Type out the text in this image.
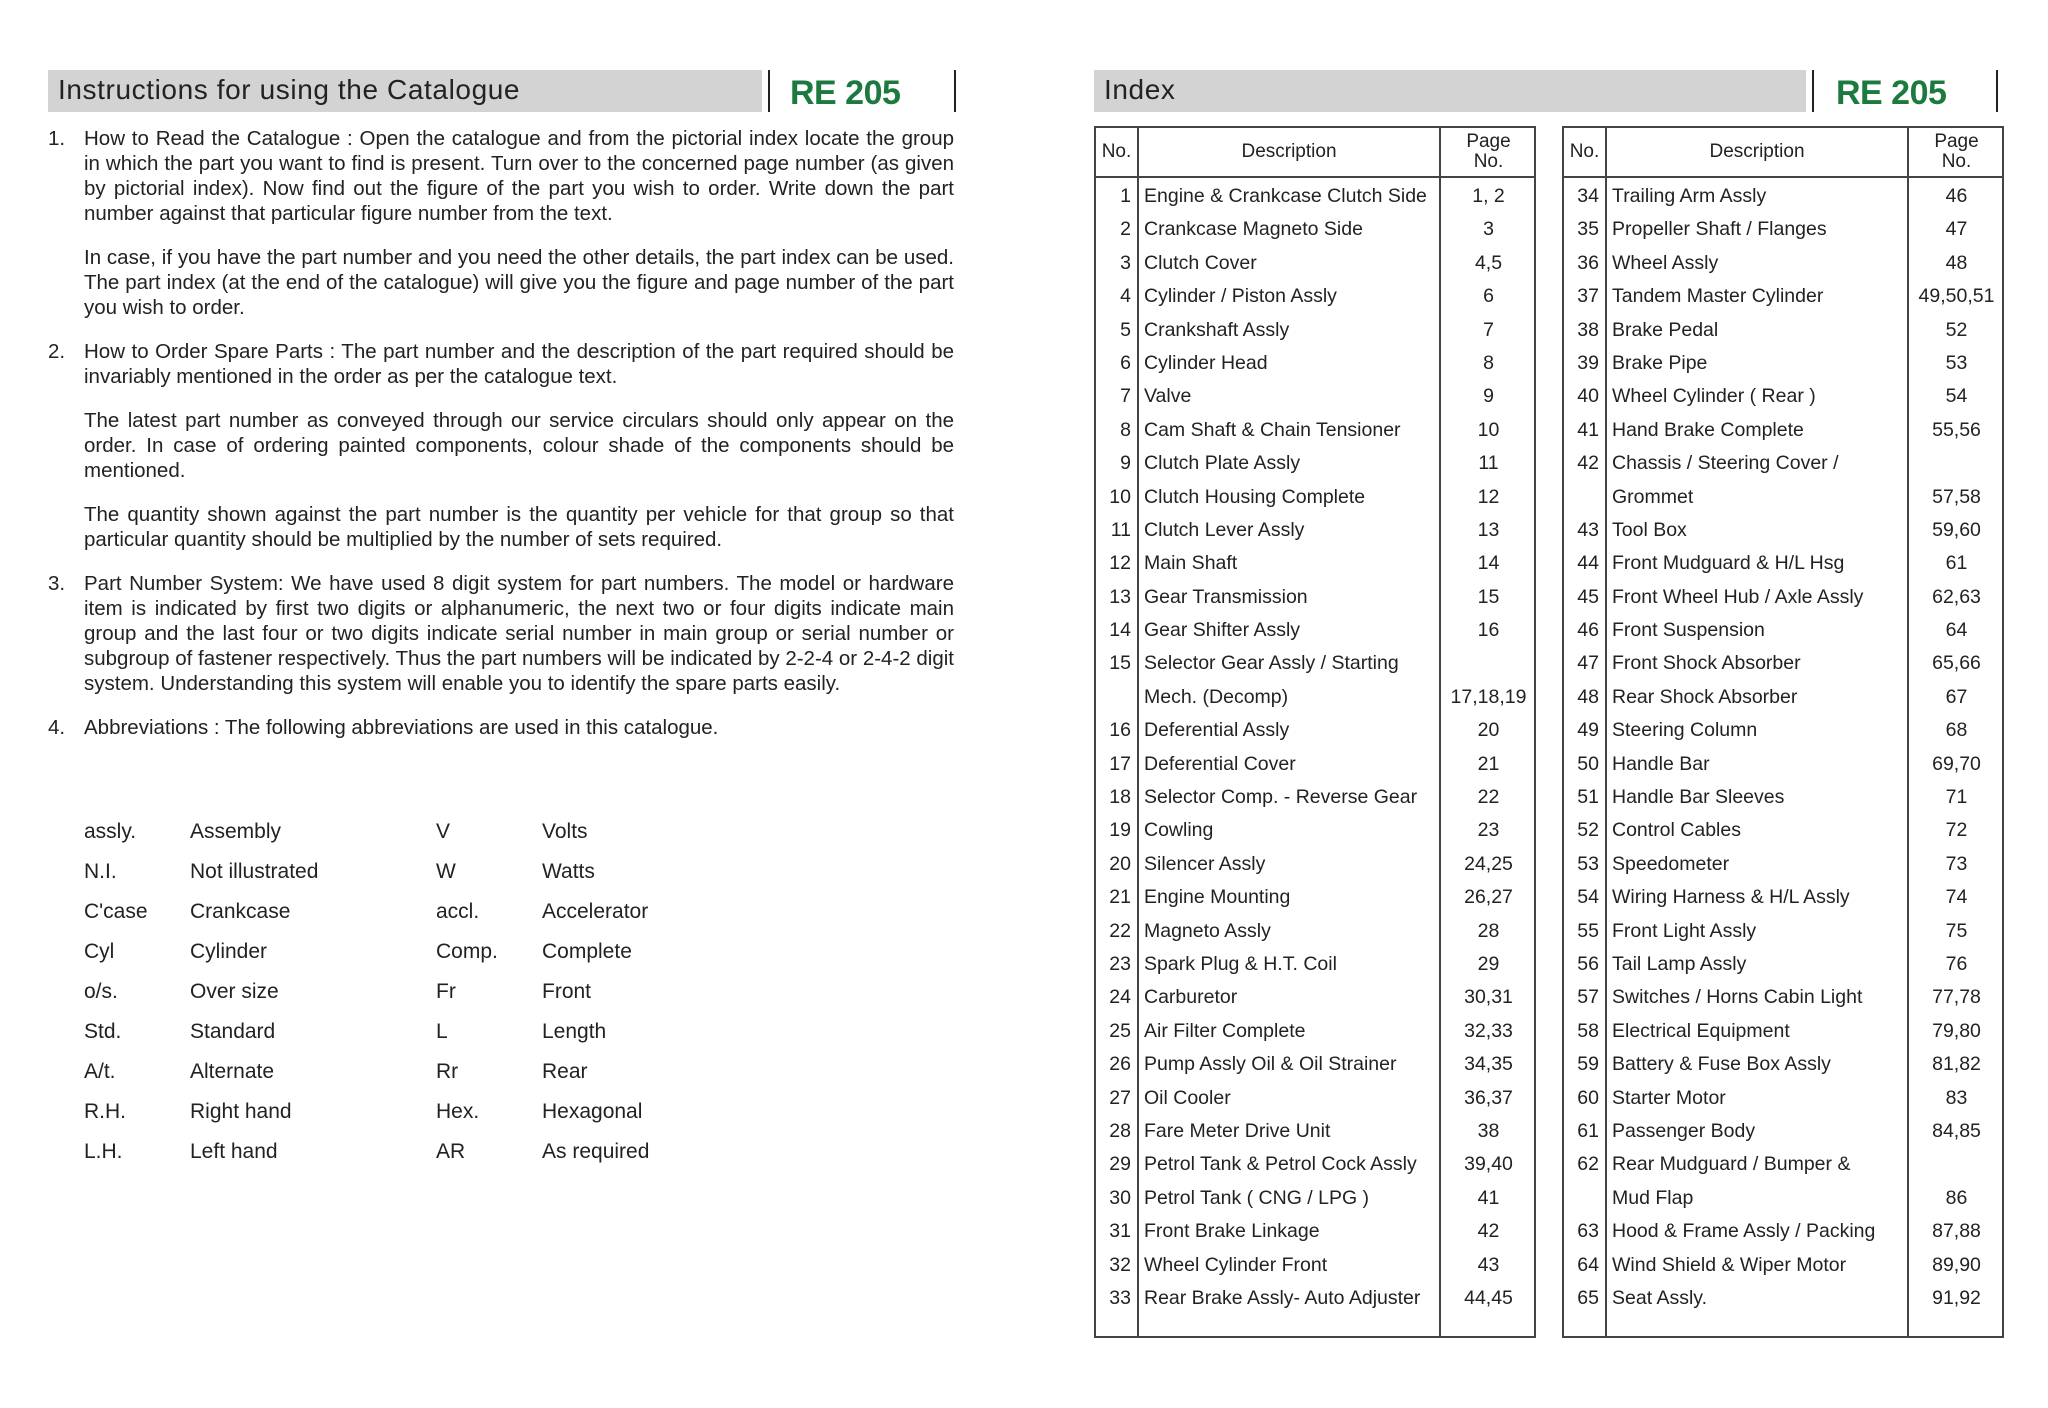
Instructions for using the Catalogue	RE 205
1. How to Read the Catalogue : Open the catalogue and from the pictorial index locate the group in which the part you want to find is present. Turn over to the concerned page number (as given by pictorial index). Now find out the figure of the part you wish to order. Write down the part number against that particular figure number from the text.

In case, if you have the part number and you need the other details, the part index can be used. The part index (at the end of the catalogue) will give you the figure and page number of the part you wish to order.

2. How to Order Spare Parts : The part number and the description of the part required should be invariably mentioned in the order as per the catalogue text.

The latest part number as conveyed through our service circulars should only appear on the order. In case of ordering painted components, colour shade of the components should be mentioned.

The quantity shown against the part number is the quantity per vehicle for that group so that particular quantity should be multiplied by the number of sets required.

3. Part Number System: We have used 8 digit system for part numbers. The model or hardware item is indicated by first two digits or alphanumeric, the next two or four digits indicate main group and the last four or two digits indicate serial number in main group or serial number or subgroup of fastener respectively. Thus the part numbers will be indicated by 2-2-4 or 2-4-2 digit system. Understanding this system will enable you to identify the spare parts easily.

4. Abbreviations : The following abbreviations are used in this catalogue.

assly.	Assembly	V	Volts
N.I.	Not illustrated	W	Watts
C'case	Crankcase	accl.	Accelerator
Cyl	Cylinder	Comp.	Complete
o/s.	Over size	Fr	Front
Std.	Standard	L	Length
A/t.	Alternate	Rr	Rear
R.H.	Right hand	Hex.	Hexagonal
L.H.	Left hand	AR	As required
Index	RE 205
No.	Description	Page
No.
1 Engine & Crankcase Clutch Side	1, 2
2 Crankcase Magneto Side	3
3 Clutch Cover	4,5
4 Cylinder / Piston Assly	6
5 Crankshaft Assly	7
6 Cylinder Head	8
7 Valve	9
8 Cam Shaft & Chain Tensioner	10
9 Clutch Plate Assly	11
10 Clutch Housing Complete	12
11 Clutch Lever Assly	13
12 Main Shaft	14
13 Gear Transmission	15
14 Gear Shifter Assly	16
15 Selector Gear Assly / Starting
Mech. (Decomp)	17,18,19
16 Deferential Assly	20
17 Deferential Cover	21
18 Selector Comp. - Reverse Gear	22
19 Cowling	23
20 Silencer Assly	24,25
21 Engine Mounting	26,27
22 Magneto Assly	28
23 Spark Plug & H.T. Coil	29
24 Carburetor	30,31
25 Air Filter Complete	32,33
26 Pump Assly Oil & Oil Strainer	34,35
27 Oil Cooler	36,37
28 Fare Meter Drive Unit	38
29 Petrol Tank & Petrol Cock Assly	39,40
30 Petrol Tank ( CNG / LPG )	41
31 Front Brake Linkage	42
32 Wheel Cylinder Front	43
33 Rear Brake Assly- Auto Adjuster	44,45
No.	Description	Page
No.
34 Trailing Arm Assly	46
35 Propeller Shaft / Flanges	47
36 Wheel Assly	48
37 Tandem Master Cylinder	49,50,51
38 Brake Pedal	52
39 Brake Pipe	53
40 Wheel Cylinder ( Rear )	54
41 Hand Brake Complete	55,56
42 Chassis / Steering Cover /
Grommet	57,58
43 Tool Box	59,60
44 Front Mudguard & H/L Hsg	61
45 Front Wheel Hub / Axle Assly	62,63
46 Front Suspension	64
47 Front Shock Absorber	65,66
48 Rear Shock Absorber	67
49 Steering Column	68
50 Handle Bar	69,70
51 Handle Bar Sleeves	71
52 Control Cables	72
53 Speedometer	73
54 Wiring Harness & H/L Assly	74
55 Front Light Assly	75
56 Tail Lamp Assly	76
57 Switches / Horns Cabin Light	77,78
58 Electrical Equipment	79,80
59 Battery & Fuse Box Assly	81,82
60 Starter Motor	83
61 Passenger Body	84,85
62 Rear Mudguard / Bumper &
Mud Flap	86
63 Hood & Frame Assly / Packing	87,88
64 Wind Shield & Wiper Motor	89,90
65 Seat Assly.	91,92
